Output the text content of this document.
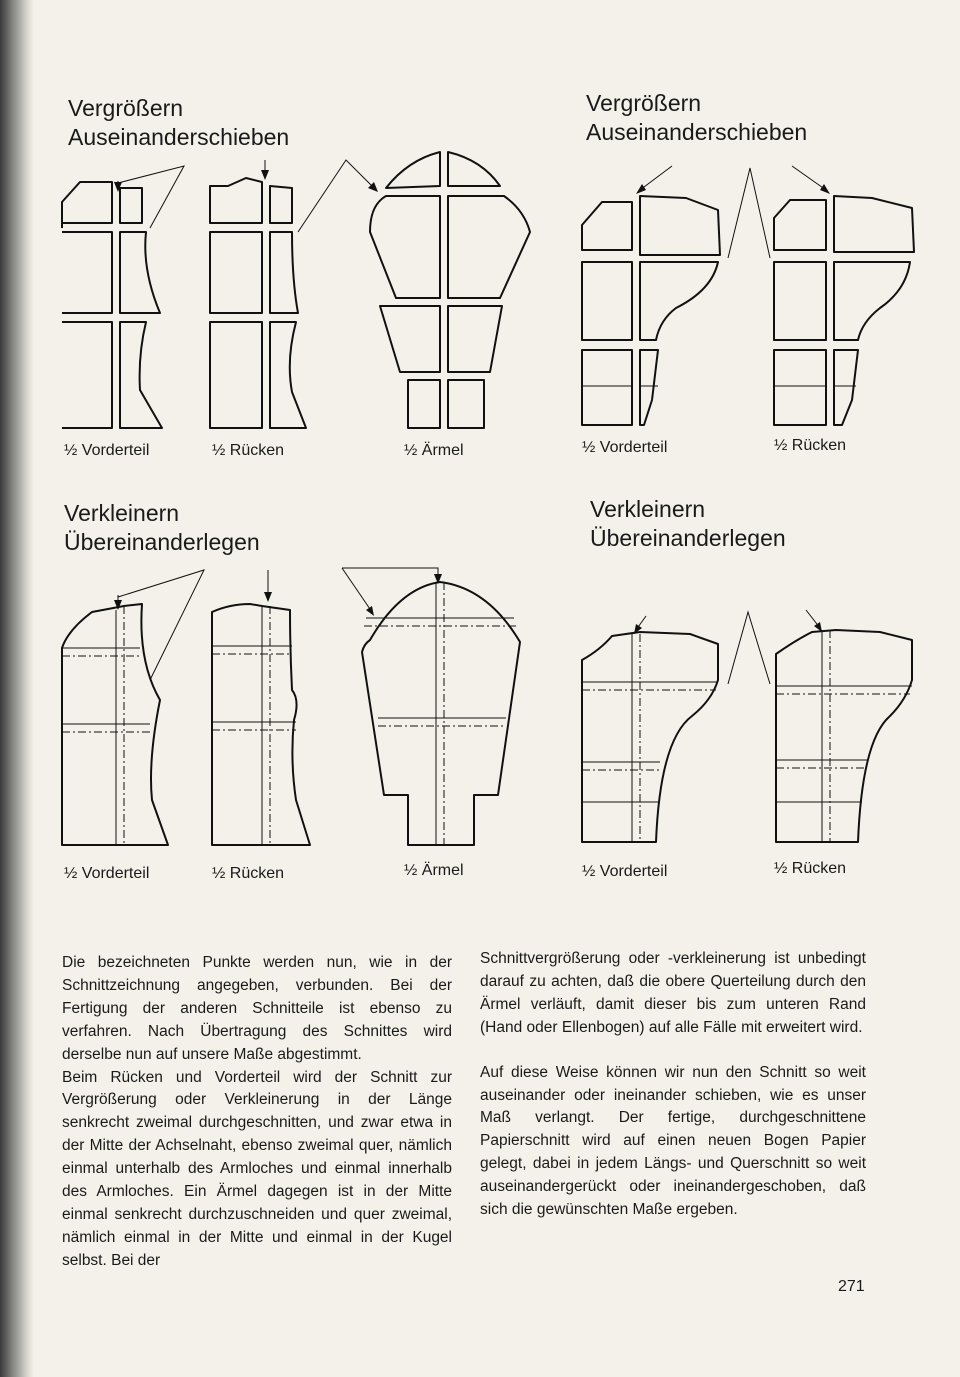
Vergrößern
Auseinanderschieben
Vergrößern
Auseinanderschieben
Verkleinern
Übereinanderlegen
Verkleinern
Übereinanderlegen
½ Vorderteil	½ Rücken	½ Ärmel	½ Vorderteil	½ Rücken
½ Vorderteil	½ Rücken	½ Ärmel	½ Vorderteil	½ Rücken

Die bezeichneten Punkte werden nun, wie in der Schnittzeichnung angegeben, verbunden. Bei der Fertigung der anderen Schnitteile ist ebenso zu verfahren. Nach Übertragung des Schnittes wird derselbe nun auf unsere Maße abgestimmt.

Beim Rücken und Vorderteil wird der Schnitt zur Vergrößerung oder Verkleinerung in der Länge senkrecht zweimal durchgeschnitten, und zwar etwa in der Mitte der Achselnaht, ebenso zweimal quer, nämlich einmal unterhalb des Armloches und einmal innerhalb des Armloches. Ein Ärmel dagegen ist in der Mitte einmal senkrecht durchzuschneiden und quer zweimal, nämlich einmal in der Mitte und einmal in der Kugel selbst. Bei der

Schnittvergrößerung oder -verkleinerung ist unbedingt darauf zu achten, daß die obere Querteilung durch den Ärmel verläuft, damit dieser bis zum unteren Rand (Hand oder Ellenbogen) auf alle Fälle mit erweitert wird.

Auf diese Weise können wir nun den Schnitt so weit auseinander oder ineinander schieben, wie es unser Maß verlangt. Der fertige, durchgeschnittene Papierschnitt wird auf einen neuen Bogen Papier gelegt, dabei in jedem Längs- und Querschnitt so weit auseinandergerückt oder ineinandergeschoben, daß sich die gewünschten Maße ergeben.

271
